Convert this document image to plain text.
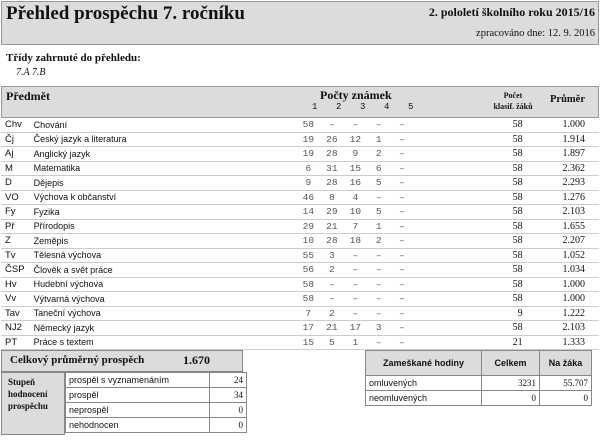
Přehled prospěchu 7. ročníku	2. pololetí školního roku 2015/16
zpracováno dne: 12. 9. 2016
Třídy zahrnuté do přehledu:
7.A 7.B
Předmět	Počty známek
1 2 3 4 5
Počet
klasif. žáků
Průměr
Chv	Chování	58	–	–	–	–		58	1.000
Čj	Český jazyk a literatura	19	26	12	1	–		58	1.914
Aj	Anglický jazyk	19	28	9	2	–		58	1.897
M	Matematika	6	31	15	6	–		58	2.362
D	Dějepis	9	28	16	5	–		58	2.293
VO	Výchova k občanství	46	8	4	–	–		58	1.276
Fy	Fyzika	14	29	10	5	–		58	2.103
Př	Přírodopis	29	21	7	1	–		58	1.655
Z	Zeměpis	10	28	18	2	–		58	2.207
Tv	Tělesná výchova	55	3	–	–	–		58	1.052
ČSP	Člověk a svět práce	56	2	–	–	–		58	1.034
Hv	Hudební výchova	58	–	–	–	–		58	1.000
Vv	Výtvarná výchova	58	–	–	–	–		58	1.000
Tav	Taneční výchova	7	2	–	–	–		9	1.222
NJ2	Německý jazyk	17	21	17	3	–		58	2.103
PT	Práce s textem	15	5	1	–	–		21	1.333
Celkový průměrný prospěch	1.670
Stupeň
hodnocení
prospěchu
prospěl s vyznamenáním	24
prospěl	34
neprospěl	0
nehodnocen	0
Zameškané hodiny	Celkem	Na žáka
omluvených	3231	55.707
neomluvených	0	0
